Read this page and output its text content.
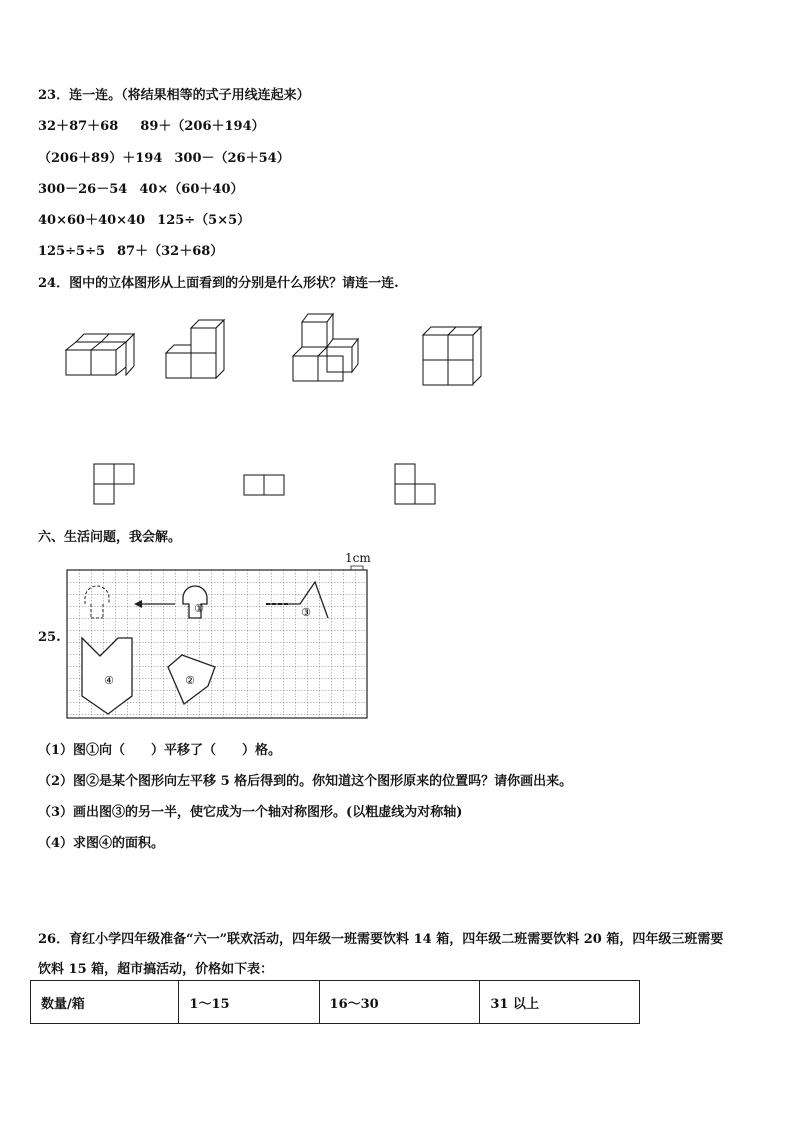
23．连一连。（将结果相等的式子用线连起来）
32＋87＋68 89＋（206＋194）
（206＋89）＋194 300－（26＋54）
300－26－54 40×（60＋40）
40×60＋40×40 125÷（5×5）
125÷5÷5 87＋（32＋68）
24．图中的立体图形从上面看到的分别是什么形状？请连一连.
六、生活问题，我会解。
25.
1cm
①	③
④	②
（1）图①向（　　）平移了（　　）格。
（2）图②是某个图形向左平移 5 格后得到的。你知道这个图形原来的位置吗？请你画出来。
（3）画出图③的另一半，使它成为一个轴对称图形。(以粗虚线为对称轴)
（4）求图④的面积。
26．育红小学四年级准备“六一”联欢活动，四年级一班需要饮料 14 箱，四年级二班需要饮料 20 箱，四年级三班需要
饮料 15 箱，超市搞活动，价格如下表：
数量/箱	1～15	16～30	31 以上
